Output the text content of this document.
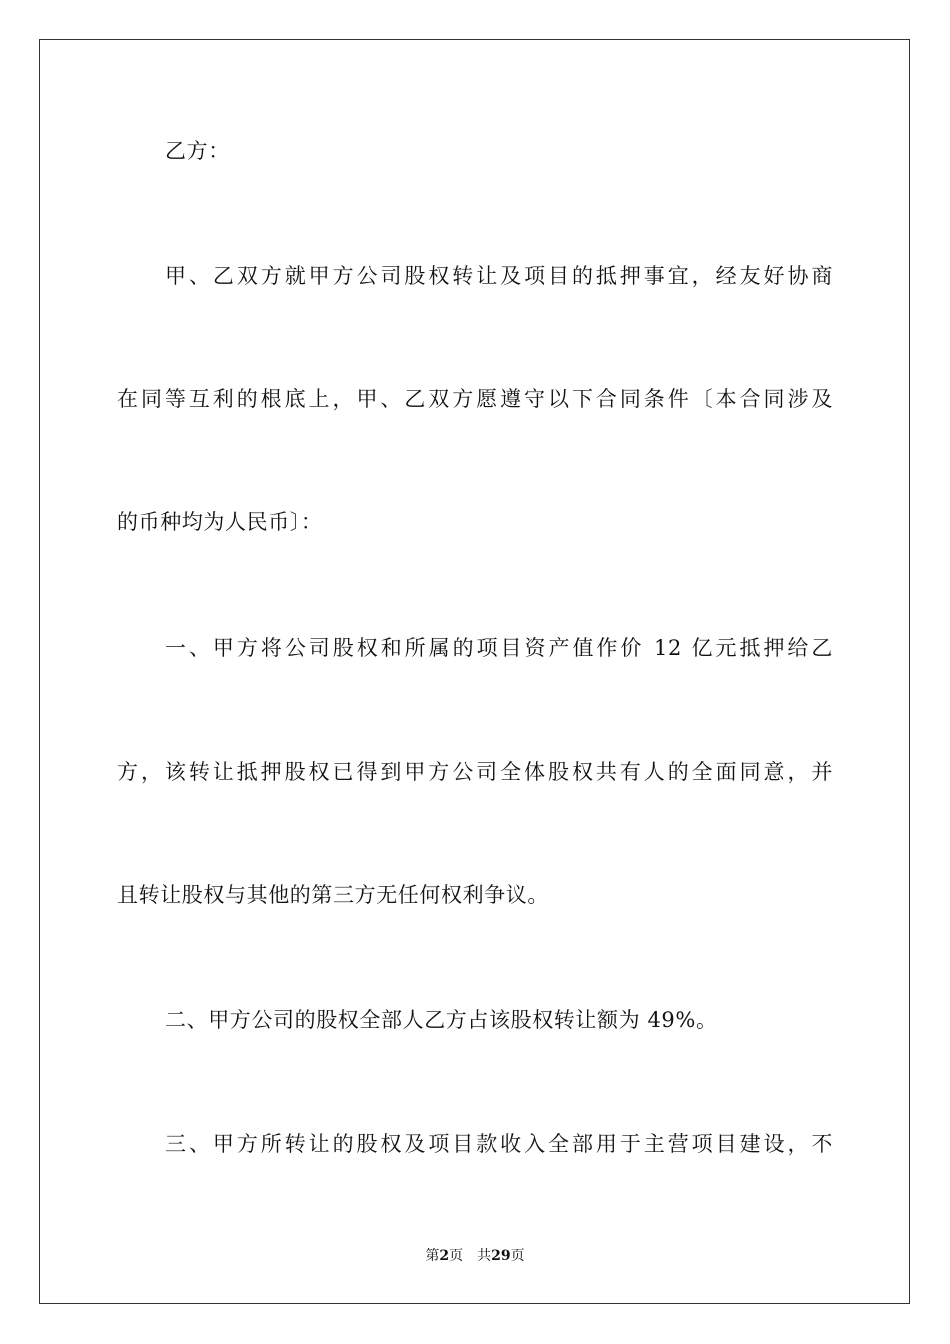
乙方：
甲、乙双方就甲方公司股权转让及项目的抵押事宜，经友好协商
在同等互利的根底上，甲、乙双方愿遵守以下合同条件〔本合同涉及
的币种均为人民币〕：
一、甲方将公司股权和所属的项目资产值作价 12 亿元抵押给乙
方，该转让抵押股权已得到甲方公司全体股权共有人的全面同意，并
且转让股权与其他的第三方无任何权利争议。
二、甲方公司的股权全部人乙方占该股权转让额为 49%。
三、甲方所转让的股权及项目款收入全部用于主营项目建设，不
第2页 共29页
